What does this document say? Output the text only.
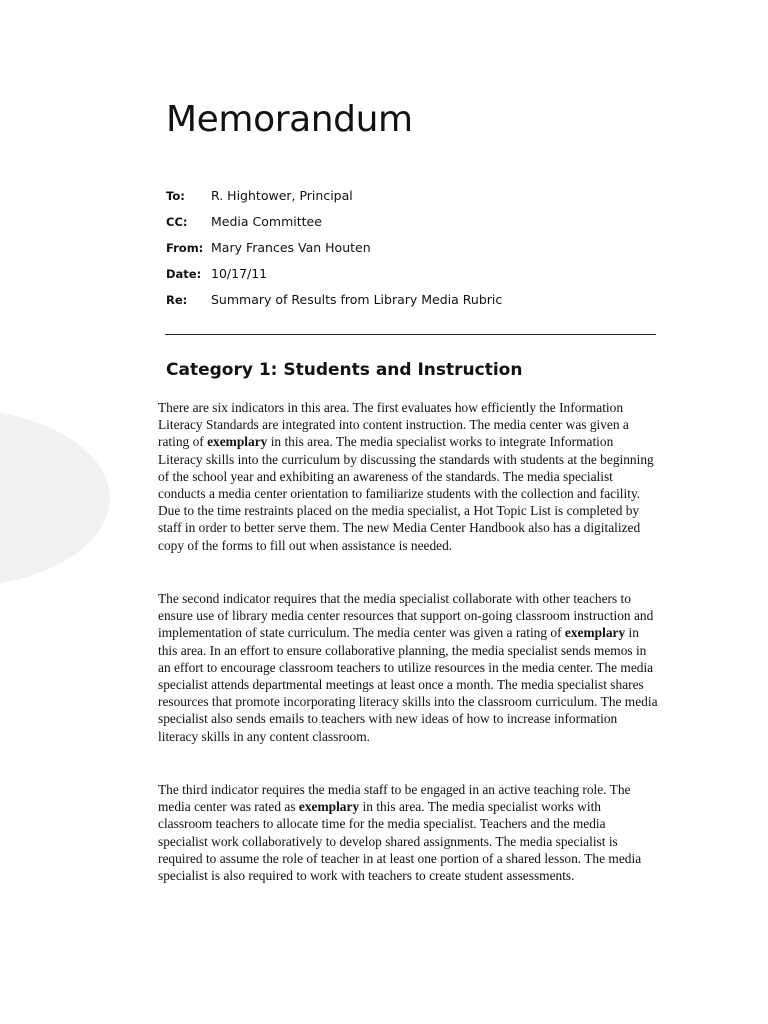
Memorandum
To: R. Hightower, Principal
CC: Media Committee
From: Mary Frances Van Houten
Date: 10/17/11
Re: Summary of Results from Library Media Rubric
Category 1: Students and Instruction

There are six indicators in this area. The first evaluates how efficiently the Information Literacy Standards are integrated into content instruction. The media center was given a rating of exemplary in this area. The media specialist works to integrate Information Literacy skills into the curriculum by discussing the standards with students at the beginning of the school year and exhibiting an awareness of the standards. The media specialist conducts a media center orientation to familiarize students with the collection and facility. Due to the time restraints placed on the media specialist, a Hot Topic List is completed by staff in order to better serve them. The new Media Center Handbook also has a digitalized copy of the forms to fill out when assistance is needed.

The second indicator requires that the media specialist collaborate with other teachers to ensure use of library media center resources that support on-going classroom instruction and implementation of state curriculum. The media center was given a rating of exemplary in this area. In an effort to ensure collaborative planning, the media specialist sends memos in an effort to encourage classroom teachers to utilize resources in the media center. The media specialist attends departmental meetings at least once a month. The media specialist shares resources that promote incorporating literacy skills into the classroom curriculum. The media specialist also sends emails to teachers with new ideas of how to increase information literacy skills in any content classroom.

The third indicator requires the media staff to be engaged in an active teaching role. The media center was rated as exemplary in this area. The media specialist works with classroom teachers to allocate time for the media specialist. Teachers and the media specialist work collaboratively to develop shared assignments. The media specialist is required to assume the role of teacher in at least one portion of a shared lesson. The media specialist is also required to work with teachers to create student assessments.
